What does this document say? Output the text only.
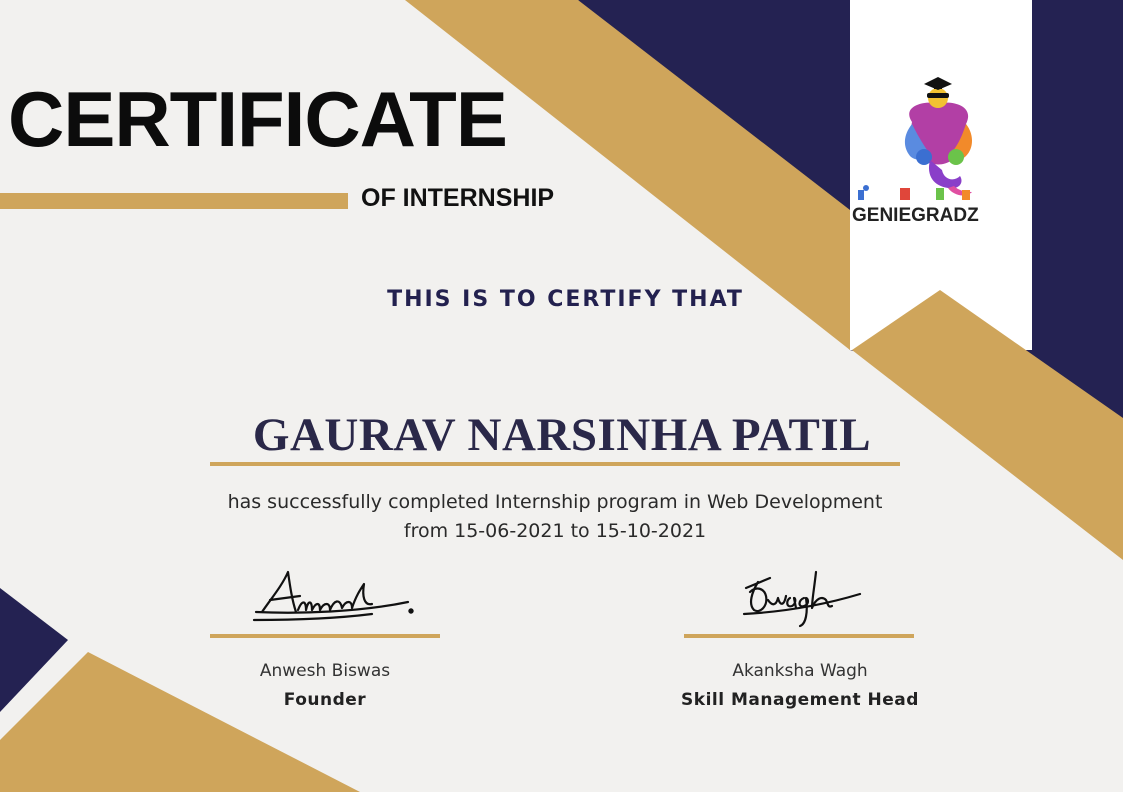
GENIEGRADZ
CERTIFICATE
OF INTERNSHIP
THIS IS TO CERTIFY THAT
GAURAV NARSINHA PATIL
has successfully completed Internship program in Web Development
from 15-06-2021 to 15-10-2021
Anwesh Biswas
Founder
Akanksha Wagh
Skill Management Head
